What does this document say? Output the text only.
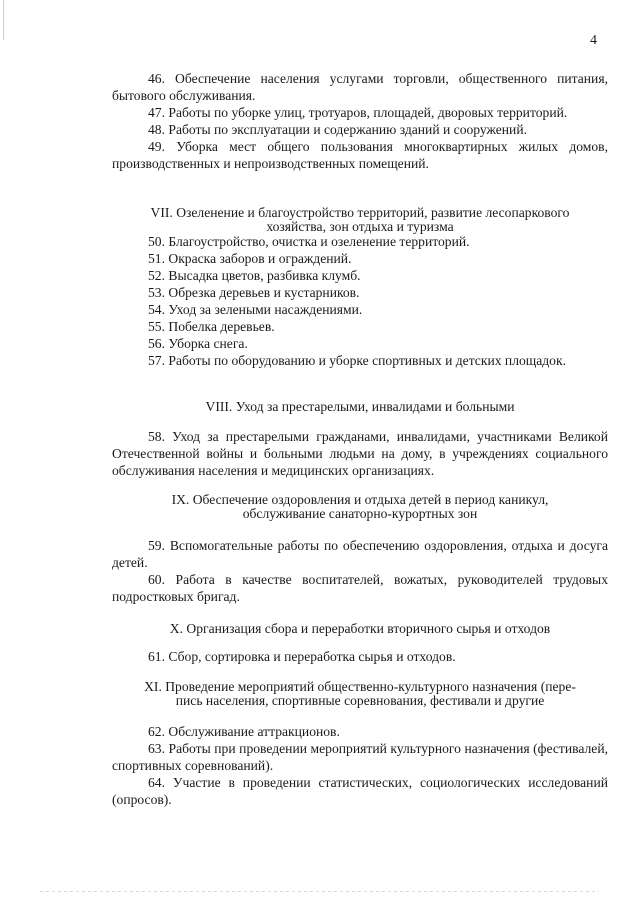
4

46. Обеспечение населения услугами торговли, общественного питания, бытового обслуживания.

47. Работы по уборке улиц, тротуаров, площадей, дворовых территорий.

48. Работы по эксплуатации и содержанию зданий и сооружений.

49. Уборка мест общего пользования многоквартирных жилых домов, производственных и непроизводственных помещений.

VII. Озеленение и благоустройство территорий, развитие лесопаркового

хозяйства, зон отдыха и туризма

50. Благоустройство, очистка и озеленение территорий.

51. Окраска заборов и ограждений.

52. Высадка цветов, разбивка клумб.

53. Обрезка деревьев и кустарников.

54. Уход за зелеными насаждениями.

55. Побелка деревьев.

56. Уборка снега.

57. Работы по оборудованию и уборке спортивных и детских площадок.

VIII. Уход за престарелыми, инвалидами и больными

58. Уход за престарелыми гражданами, инвалидами, участниками Великой Отечественной войны и больными людьми на дому, в учреждениях социального обслуживания населения и медицинских организациях.

IX. Обеспечение оздоровления и отдыха детей в период каникул,

обслуживание санаторно-курортных зон

59. Вспомогательные работы по обеспечению оздоровления, отдыха и досуга детей.

60. Работа в качестве воспитателей, вожатых, руководителей трудовых подростковых бригад.

X. Организация сбора и переработки вторичного сырья и отходов

61. Сбор, сортировка и переработка сырья и отходов.

XI. Проведение мероприятий общественно-культурного назначения (пере-

пись населения, спортивные соревнования, фестивали и другие

62. Обслуживание аттракционов.

63. Работы при проведении мероприятий культурного назначения (фестивалей, спортивных соревнований).

64. Участие в проведении статистических, социологических исследований (опросов).
